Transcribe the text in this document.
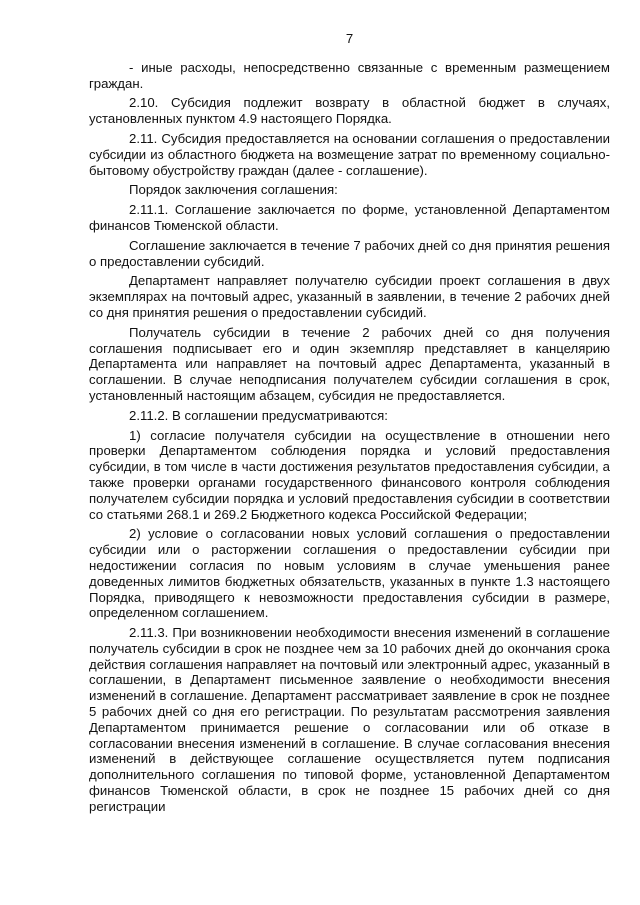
7

- иные расходы, непосредственно связанные с временным размещением граждан.

2.10. Субсидия подлежит возврату в областной бюджет в случаях, установленных пунктом 4.9 настоящего Порядка.

2.11. Субсидия предоставляется на основании соглашения о предоставлении субсидии из областного бюджета на возмещение затрат по временному социально-бытовому обустройству граждан (далее - соглашение).

Порядок заключения соглашения:

2.11.1. Соглашение заключается по форме, установленной Департаментом финансов Тюменской области.

Соглашение заключается в течение 7 рабочих дней со дня принятия решения о предоставлении субсидий.

Департамент направляет получателю субсидии проект соглашения в двух экземплярах на почтовый адрес, указанный в заявлении, в течение 2 рабочих дней со дня принятия решения о предоставлении субсидий.

Получатель субсидии в течение 2 рабочих дней со дня получения соглашения подписывает его и один экземпляр представляет в канцелярию Департамента или направляет на почтовый адрес Департамента, указанный в соглашении. В случае неподписания получателем субсидии соглашения в срок, установленный настоящим абзацем, субсидия не предоставляется.

2.11.2. В соглашении предусматриваются:

1) согласие получателя субсидии на осуществление в отношении него проверки Департаментом соблюдения порядка и условий предоставления субсидии, в том числе в части достижения результатов предоставления субсидии, а также проверки органами государственного финансового контроля соблюдения получателем субсидии порядка и условий предоставления субсидии в соответствии со статьями 268.1 и 269.2 Бюджетного кодекса Российской Федерации;

2) условие о согласовании новых условий соглашения о предоставлении субсидии или о расторжении соглашения о предоставлении субсидии при недостижении согласия по новым условиям в случае уменьшения ранее доведенных лимитов бюджетных обязательств, указанных в пункте 1.3 настоящего Порядка, приводящего к невозможности предоставления субсидии в размере, определенном соглашением.

2.11.3. При возникновении необходимости внесения изменений в соглашение получатель субсидии в срок не позднее чем за 10 рабочих дней до окончания срока действия соглашения направляет на почтовый или электронный адрес, указанный в соглашении, в Департамент письменное заявление о необходимости внесения изменений в соглашение. Департамент рассматривает заявление в срок не позднее 5 рабочих дней со дня его регистрации. По результатам рассмотрения заявления Департаментом принимается решение о согласовании или об отказе в согласовании внесения изменений в соглашение. В случае согласования внесения изменений в действующее соглашение осуществляется путем подписания дополнительного соглашения по типовой форме, установленной Департаментом финансов Тюменской области, в срок не позднее 15 рабочих дней со дня регистрации
